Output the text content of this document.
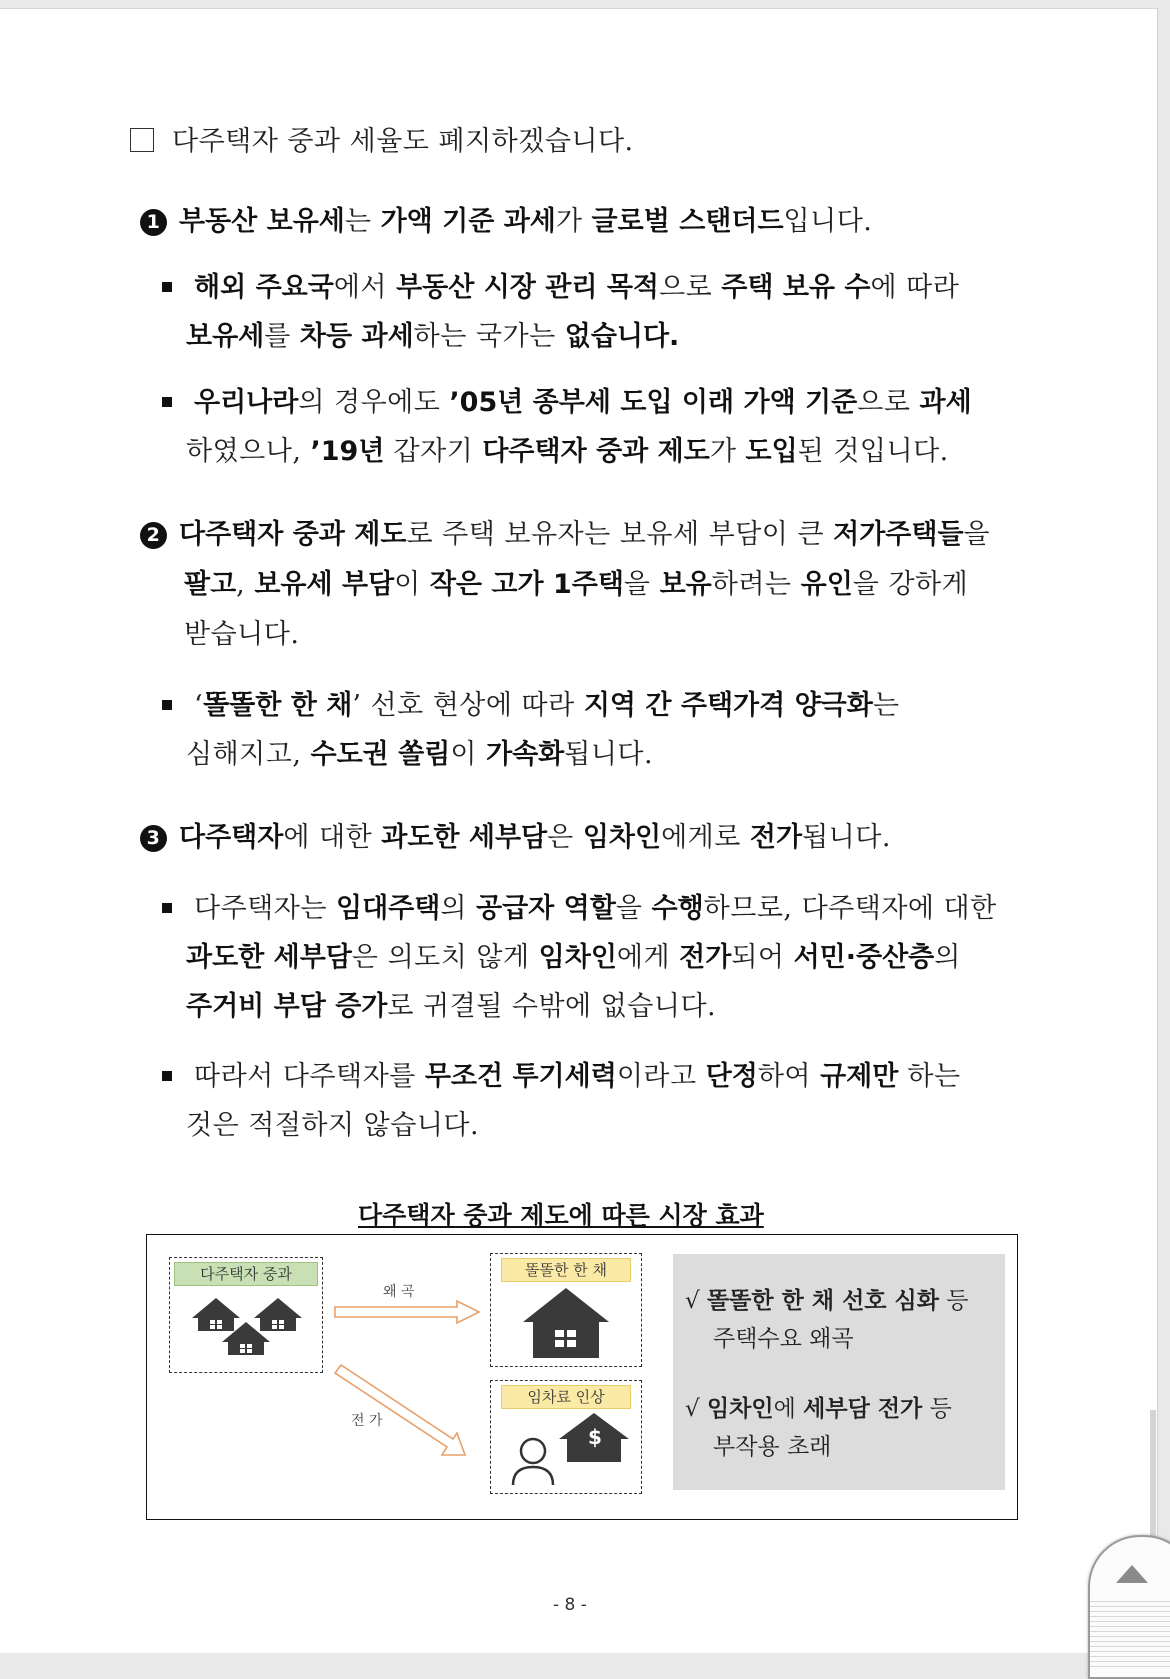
다주택자 중과 세율도 폐지하겠습니다.
1 부동산 보유세는 가액 기준 과세가 글로벌 스탠더드입니다.
해외 주요국에서 부동산 시장 관리 목적으로 주택 보유 수에 따라
보유세를 차등 과세하는 국가는 없습니다.
우리나라의 경우에도 ’05년 종부세 도입 이래 가액 기준으로 과세
하였으나, ’19년 갑자기 다주택자 중과 제도가 도입된 것입니다.
2 다주택자 중과 제도로 주택 보유자는 보유세 부담이 큰 저가주택들을
팔고, 보유세 부담이 작은 고가 1주택을 보유하려는 유인을 강하게
받습니다.
‘똘똘한 한 채’ 선호 현상에 따라 지역 간 주택가격 양극화는
심해지고, 수도권 쏠림이 가속화됩니다.
3 다주택자에 대한 과도한 세부담은 임차인에게로 전가됩니다.
다주택자는 임대주택의 공급자 역할을 수행하므로, 다주택자에 대한
과도한 세부담은 의도치 않게 임차인에게 전가되어 서민·중산층의
주거비 부담 증가로 귀결될 수밖에 없습니다.
따라서 다주택자를 무조건 투기세력이라고 단정하여 규제만 하는
것은 적절하지 않습니다.
다주택자 중과 제도에 따른 시장 효과
다주택자 중과
왜 곡
전 가
똘똘한 한 채
임차료 인상
$
√ 똘똘한 한 채 선호 심화 등
주택수요 왜곡
√ 임차인에 세부담 전가 등
부작용 초래
- 8 -
